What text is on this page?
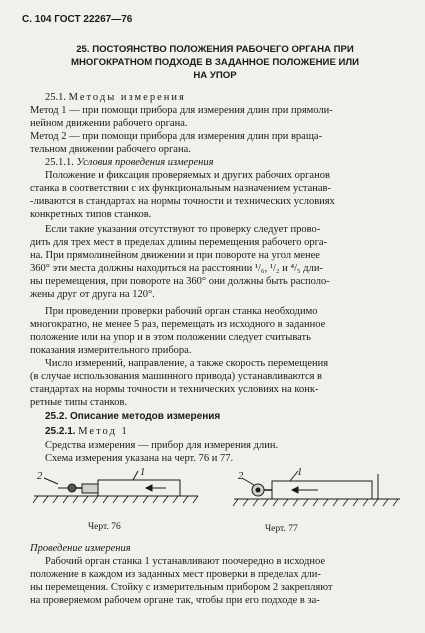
С. 104 ГОСТ 22267—76
25. ПОСТОЯНСТВО ПОЛОЖЕНИЯ РАБОЧЕГО ОРГАНА ПРИ
МНОГОКРАТНОМ ПОДХОДЕ В ЗАДАННОЕ ПОЛОЖЕНИЕ ИЛИ
НА УПОР
25.1. Методы измерения
Метод 1 — при помощи прибора для измерения длин при прямоли-
нейном движении рабочего органа.
Метод 2 — при помощи прибора для измерения длин при враща-
тельном движении рабочего органа.
25.1.1. Условия проведения измерения
Положение и фиксация проверяемых и других рабочих органов
станка в соответствии с их функциональным назначением устанав-
-ливаются в стандартах на нормы точности и технических условиях
конкретных типов станков.
Если такие указания отсутствуют то проверку следует прово-
дить для трех мест в пределах длины перемещения рабочего орга-
на. При прямолинейном движении и при повороте на угол менее
360° эти места должны находиться на расстоянии ¹/₆, ¹/₂ и ⁴/₅ дли-
ны перемещения, при повороте на 360° они должны быть располо-
жены друг от друга на 120°.
При проведении проверки рабочий орган станка необходимо
многократно, не менее 5 раз, перемещать из исходного в заданное
положение или на упор и в этом положении следует считывать
показания измерительного прибора.
Число измерений, направление, а также скорость перемещения
(в случае использования машинного привода) устанавливаются в
стандартах на нормы точности и технических условиях на конк-
ретные типы станков.
25.2. Описание методов измерения
25.2.1. Метод 1
Средства измерения — прибор для измерения длин.
Схема измерения указана на черт. 76 и 77.
2	1
Черт. 76
2	1
Черт. 77
Проведение измерения
Рабочий орган станка 1 устанавливают поочередно в исходное
положение в каждом из заданных мест проверки в пределах дли-
ны перемещения. Стойку с измерительным прибором 2 закрепляют
на проверяемом рабочем органе так, чтобы при его подходе в за-
